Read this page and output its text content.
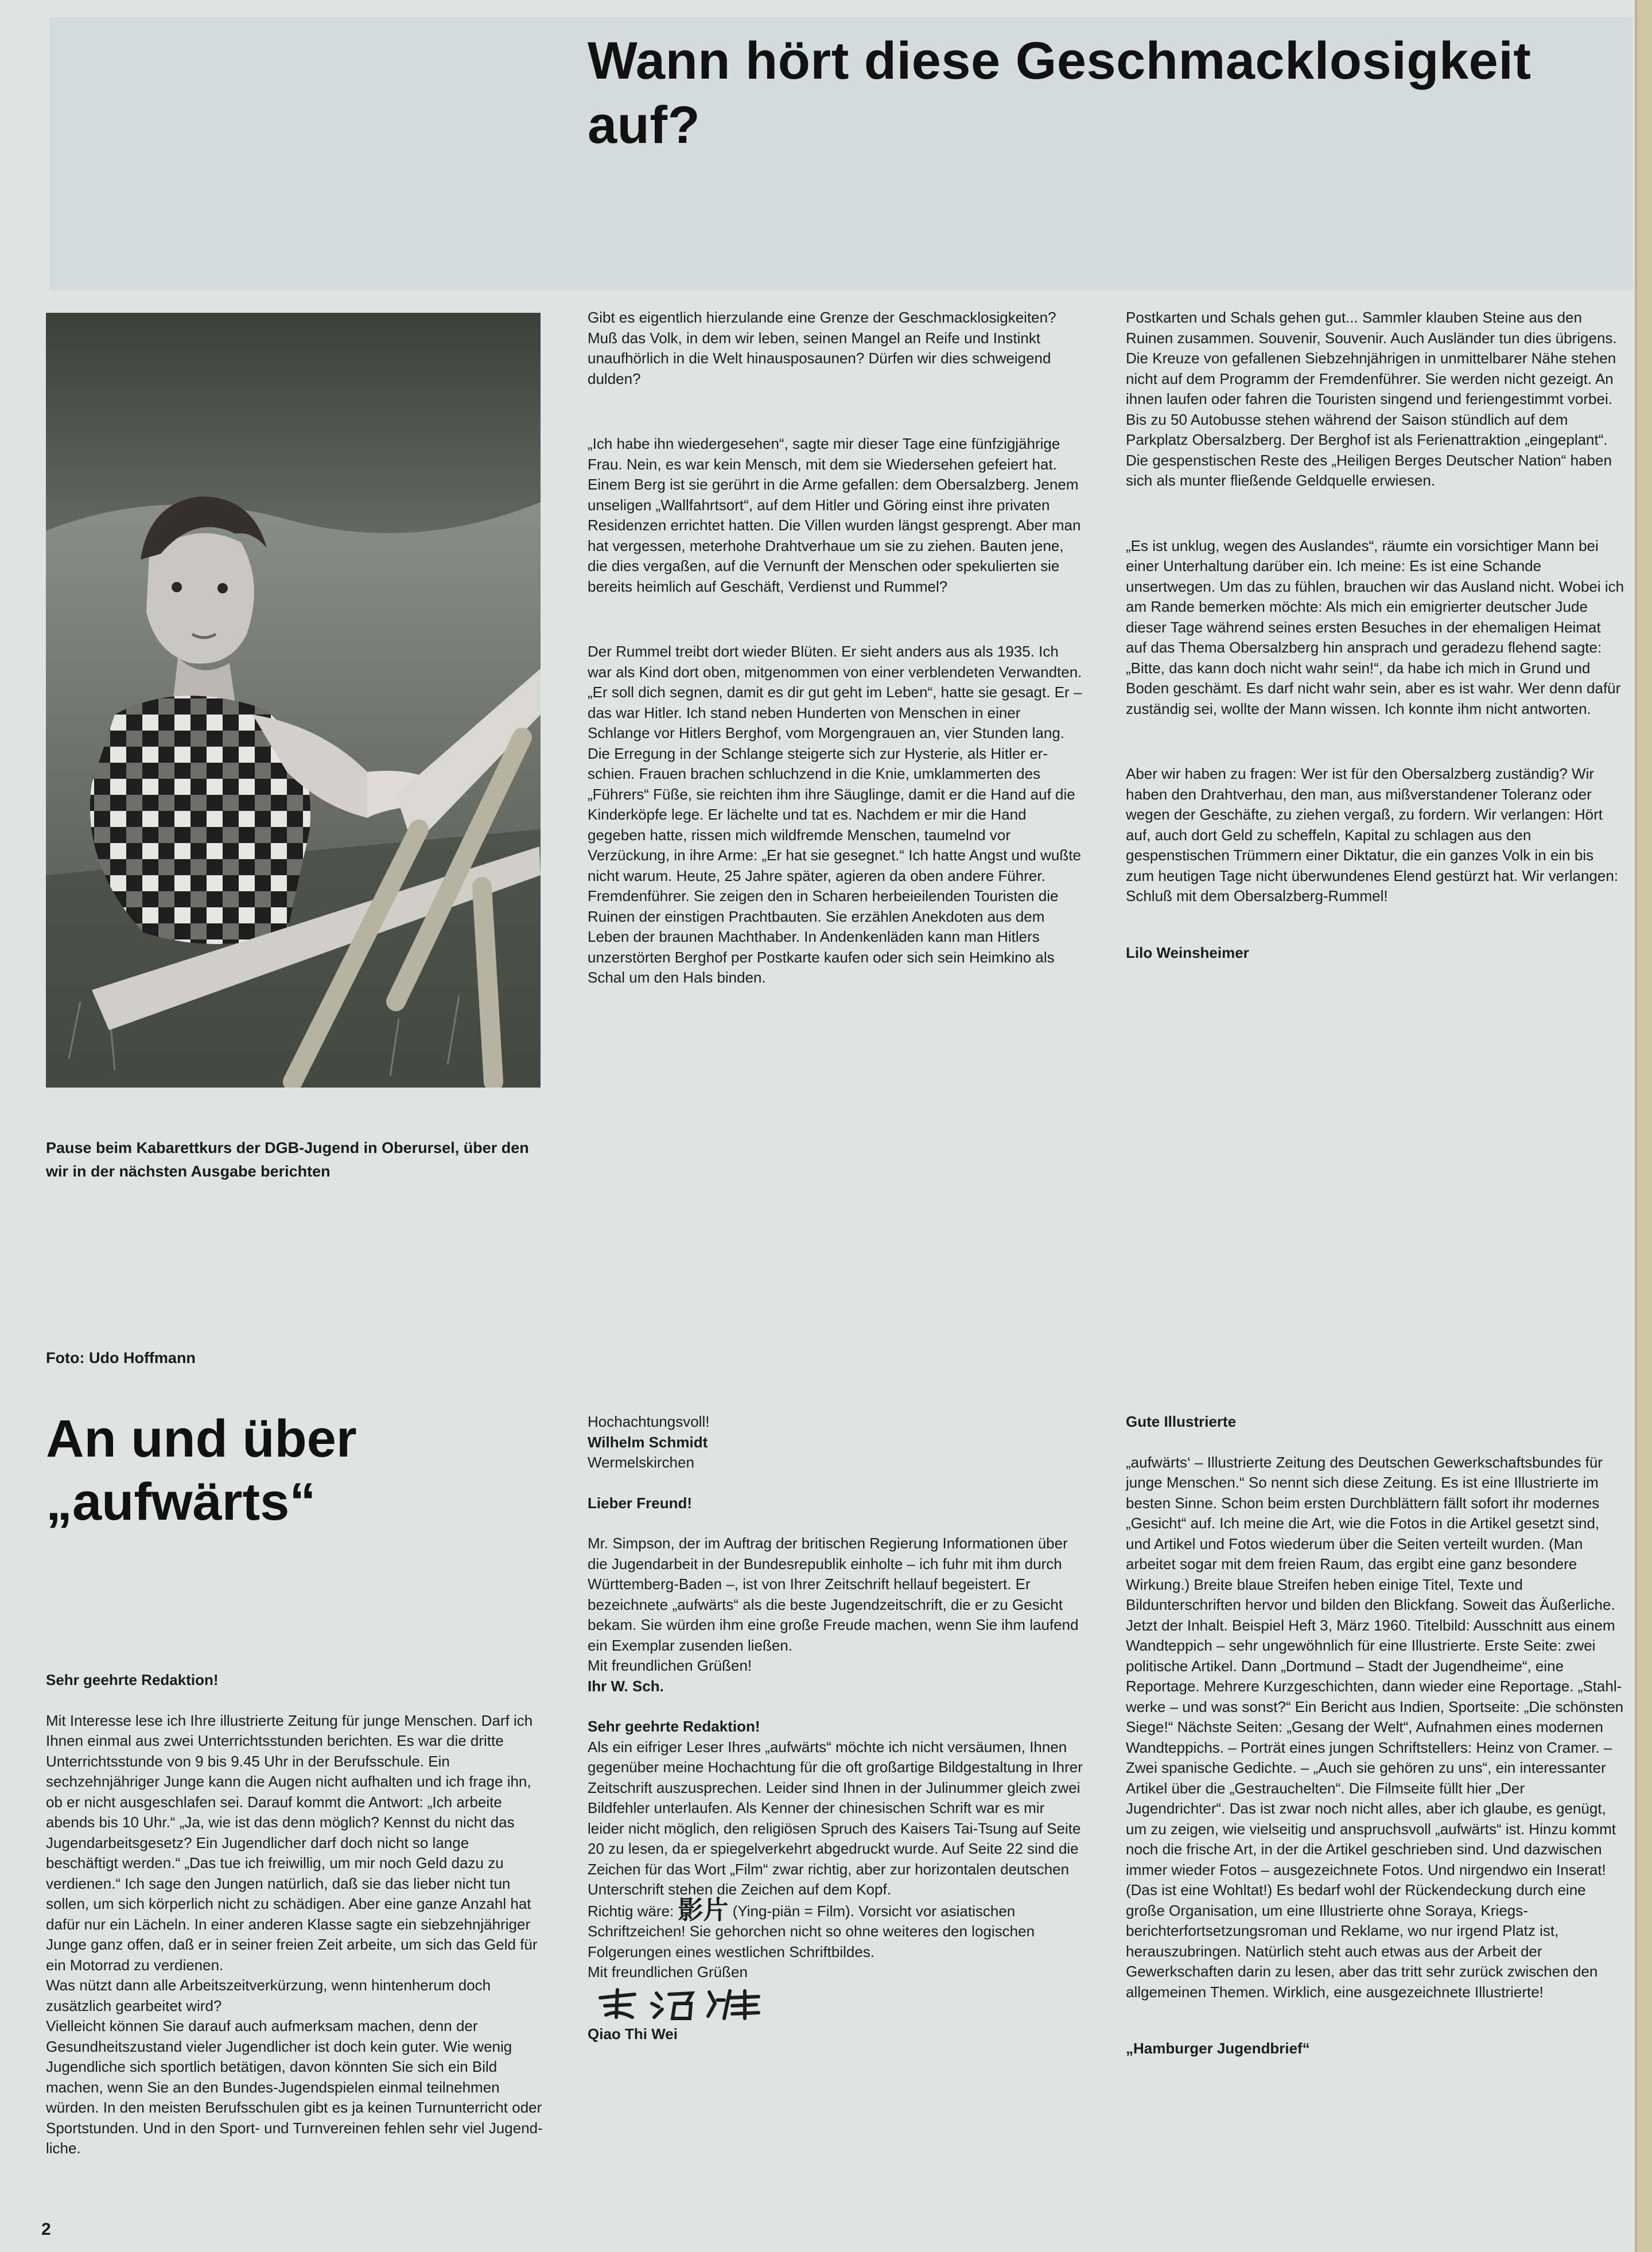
Wann hört diese Geschmacklosigkeit auf?
Pause beim Kabarettkurs der DGB-Jugend in Oberursel, über den wir in der nächsten Ausgabe berichten
Foto: Udo Hoffmann

Gibt es eigentlich hierzulande eine Grenze der Geschmacklosigkeiten? Muß das Volk, in dem wir leben, seinen Mangel an Reife und Instinkt unaufhörlich in die Welt hinausposaunen? Dürfen wir dies schweigend dulden?

„Ich habe ihn wiedergesehen“, sagte mir dieser Tage eine fünfzigjährige Frau. Nein, es war kein Mensch, mit dem sie Wiedersehen gefeiert hat. Einem Berg ist sie gerührt in die Arme gefallen: dem Obersalzberg. Jenem unseligen „Wallfahrtsort“, auf dem Hitler und Göring einst ihre privaten Residenzen errichtet hatten. Die Villen wurden längst gesprengt. Aber man hat vergessen, meterhohe Drahtverhaue um sie zu ziehen. Bauten jene, die dies vergaßen, auf die Vernunft der Menschen oder spekulierten sie bereits heimlich auf Geschäft, Verdienst und Rummel?

Der Rummel treibt dort wieder Blüten. Er sieht anders aus als 1935. Ich war als Kind dort oben, mitgenommen von einer verblendeten Verwandten. „Er soll dich segnen, damit es dir gut geht im Leben“, hatte sie gesagt. Er – das war Hitler. Ich stand neben Hunderten von Menschen in einer Schlange vor Hitlers Berghof, vom Morgengrauen an, vier Stunden lang. Die Erregung in der Schlange steigerte sich zur Hysterie, als Hitler erschien. Frauen brachen schluchzend in die Knie, umklammerten des „Führers“ Füße, sie reichten ihm ihre Säuglinge, damit er die Hand auf die Kinderköpfe lege. Er lächelte und tat es. Nachdem er mir die Hand gegeben hatte, rissen mich wildfremde Menschen, taumelnd vor Verzückung, in ihre Arme: „Er hat sie gesegnet.“ Ich hatte Angst und wußte nicht warum. Heute, 25 Jahre später, agieren da oben andere Führer. Fremdenführer. Sie zeigen den in Scharen herbeieilenden Touristen die Ruinen der einstigen Prachtbauten. Sie erzählen Anekdoten aus dem Leben der braunen Machthaber. In Andenkenläden kann man Hitlers unzerstörten Berghof per Postkarte kaufen oder sich sein Heimkino als Schal um den Hals binden.

Postkarten und Schals gehen gut... Sammler klauben Steine aus den Ruinen zusammen. Souvenir, Souvenir. Auch Ausländer tun dies übrigens. Die Kreuze von gefallenen Siebzehnjährigen in unmittelbarer Nähe stehen nicht auf dem Programm der Fremdenführer. Sie werden nicht gezeigt. An ihnen laufen oder fahren die Touristen singend und feriengestimmt vorbei. Bis zu 50 Autobusse stehen während der Saison stündlich auf dem Parkplatz Obersalzberg. Der Berghof ist als Ferienattraktion „eingeplant“. Die gespenstischen Reste des „Heiligen Berges Deutscher Nation“ haben sich als munter fließende Geldquelle erwiesen.

„Es ist unklug, wegen des Auslandes“, räumte ein vorsichtiger Mann bei einer Unterhaltung darüber ein. Ich meine: Es ist eine Schande unsertwegen. Um das zu fühlen, brauchen wir das Ausland nicht. Wobei ich am Rande bemerken möchte: Als mich ein emigrierter deutscher Jude dieser Tage während seines ersten Besuches in der ehemaligen Heimat auf das Thema Obersalzberg hin ansprach und geradezu flehend sagte: „Bitte, das kann doch nicht wahr sein!“, da habe ich mich in Grund und Boden geschämt. Es darf nicht wahr sein, aber es ist wahr. Wer denn dafür zuständig sei, wollte der Mann wissen. Ich konnte ihm nicht antworten.

Aber wir haben zu fragen: Wer ist für den Obersalzberg zuständig? Wir haben den Drahtverhau, den man, aus mißverstandener Toleranz oder wegen der Geschäfte, zu ziehen vergaß, zu fordern. Wir verlangen: Hört auf, auch dort Geld zu scheffeln, Kapital zu schlagen aus den gespenstischen Trümmern einer Diktatur, die ein ganzes Volk in ein bis zum heutigen Tage nicht überwundenes Elend gestürzt hat. Wir verlangen: Schluß mit dem Obersalzberg-Rummel!

Lilo Weinsheimer

An und über
„aufwärts“

Sehr geehrte Redaktion!

Mit Interesse lese ich Ihre illustrierte Zeitung für junge Menschen. Darf ich Ihnen einmal aus zwei Unterrichtsstunden berichten. Es war die dritte Unterrichtsstunde von 9 bis 9.45 Uhr in der Berufsschule. Ein sechzehnjähriger Junge kann die Augen nicht aufhalten und ich frage ihn, ob er nicht ausgeschlafen sei. Darauf kommt die Antwort: „Ich arbeite abends bis 10 Uhr.“ „Ja, wie ist das denn möglich? Kennst du nicht das Jugendarbeitsgesetz? Ein Jugendlicher darf doch nicht so lange beschäftigt werden.“ „Das tue ich freiwillig, um mir noch Geld dazu zu verdienen.“ Ich sage den Jungen natürlich, daß sie das lieber nicht tun sollen, um sich körperlich nicht zu schädigen. Aber eine ganze Anzahl hat dafür nur ein Lächeln. In einer anderen Klasse sagte ein siebzehnjähriger Junge ganz offen, daß er in seiner freien Zeit arbeite, um sich das Geld für ein Motorrad zu verdienen.

Was nützt dann alle Arbeitszeitverkürzung, wenn hintenherum doch zusätzlich gearbeitet wird?

Vielleicht können Sie darauf auch aufmerksam machen, denn der Gesundheitszustand vieler Jugendlicher ist doch kein guter. Wie wenig Jugendliche sich sportlich betätigen, davon könnten Sie sich ein Bild machen, wenn Sie an den Bundes-Jugendspielen einmal teilnehmen würden. In den meisten Berufsschulen gibt es ja keinen Turnunterricht oder Sportstunden. Und in den Sport- und Turnvereinen fehlen sehr viel Jugendliche.

Hochachtungsvoll!

Wilhelm Schmidt

Wermelskirchen

Lieber Freund!

Mr. Simpson, der im Auftrag der britischen Regierung Informationen über die Jugendarbeit in der Bundesrepublik einholte – ich fuhr mit ihm durch Württemberg-Baden –, ist von Ihrer Zeitschrift hellauf begeistert. Er bezeichnete „aufwärts“ als die beste Jugendzeitschrift, die er zu Gesicht bekam. Sie würden ihm eine große Freude machen, wenn Sie ihm laufend ein Exemplar zusenden ließen.

Mit freundlichen Grüßen!

Ihr W. Sch.

Sehr geehrte Redaktion!

Als ein eifriger Leser Ihres „aufwärts“ möchte ich nicht versäumen, Ihnen gegenüber meine Hochachtung für die oft großartige Bildgestaltung in Ihrer Zeitschrift auszusprechen. Leider sind Ihnen in der Julinummer gleich zwei Bildfehler unterlaufen. Als Kenner der chinesischen Schrift war es mir leider nicht möglich, den religiösen Spruch des Kaisers Tai-Tsung auf Seite 20 zu lesen, da er spiegelverkehrt abgedruckt wurde. Auf Seite 22 sind die Zeichen für das Wort „Film“ zwar richtig, aber zur horizontalen deutschen Unterschrift stehen die Zeichen auf dem Kopf.

Richtig wäre: 影片 (Ying-piän = Film). Vorsicht vor asiatischen Schriftzeichen! Sie gehorchen nicht so ohne weiteres den logischen Folgerungen eines westlichen Schriftbildes.

Mit freundlichen Grüßen

Qiao Thi Wei

Gute Illustrierte

„aufwärts‘ – Illustrierte Zeitung des Deutschen Gewerkschaftsbundes für junge Menschen.“ So nennt sich diese Zeitung. Es ist eine Illustrierte im besten Sinne. Schon beim ersten Durchblättern fällt sofort ihr modernes „Gesicht“ auf. Ich meine die Art, wie die Fotos in die Artikel gesetzt sind, und Artikel und Fotos wiederum über die Seiten verteilt wurden. (Man arbeitet sogar mit dem freien Raum, das ergibt eine ganz besondere Wirkung.) Breite blaue Streifen heben einige Titel, Texte und Bildunterschriften hervor und bilden den Blickfang. Soweit das Äußerliche. Jetzt der Inhalt. Beispiel Heft 3, März 1960. Titelbild: Ausschnitt aus einem Wandteppich – sehr ungewöhnlich für eine Illustrierte. Erste Seite: zwei politische Artikel. Dann „Dortmund – Stadt der Jugendheime“, eine Reportage. Mehrere Kurzgeschichten, dann wieder eine Reportage. „Stahlwerke – und was sonst?“ Ein Bericht aus Indien, Sportseite: „Die schönsten Siege!“ Nächste Seiten: „Gesang der Welt“, Aufnahmen eines modernen Wandteppichs. – Porträt eines jungen Schriftstellers: Heinz von Cramer. – Zwei spanische Gedichte. – „Auch sie gehören zu uns“, ein interessanter Artikel über die „Gestrauchelten“. Die Filmseite füllt hier „Der Jugendrichter“. Das ist zwar noch nicht alles, aber ich glaube, es genügt, um zu zeigen, wie vielseitig und anspruchsvoll „aufwärts“ ist. Hinzu kommt noch die frische Art, in der die Artikel geschrieben sind. Und dazwischen immer wieder Fotos – ausgezeichnete Fotos. Und nirgendwo ein Inserat! (Das ist eine Wohltat!) Es bedarf wohl der Rückendeckung durch eine große Organisation, um eine Illustrierte ohne Soraya, Kriegsberichterfortsetzungsroman und Reklame, wo nur irgend Platz ist, herauszubringen. Natürlich steht auch etwas aus der Arbeit der Gewerkschaften darin zu lesen, aber das tritt sehr zurück zwischen den allgemeinen Themen. Wirklich, eine ausgezeichnete Illustrierte!

„Hamburger Jugendbrief“

2
